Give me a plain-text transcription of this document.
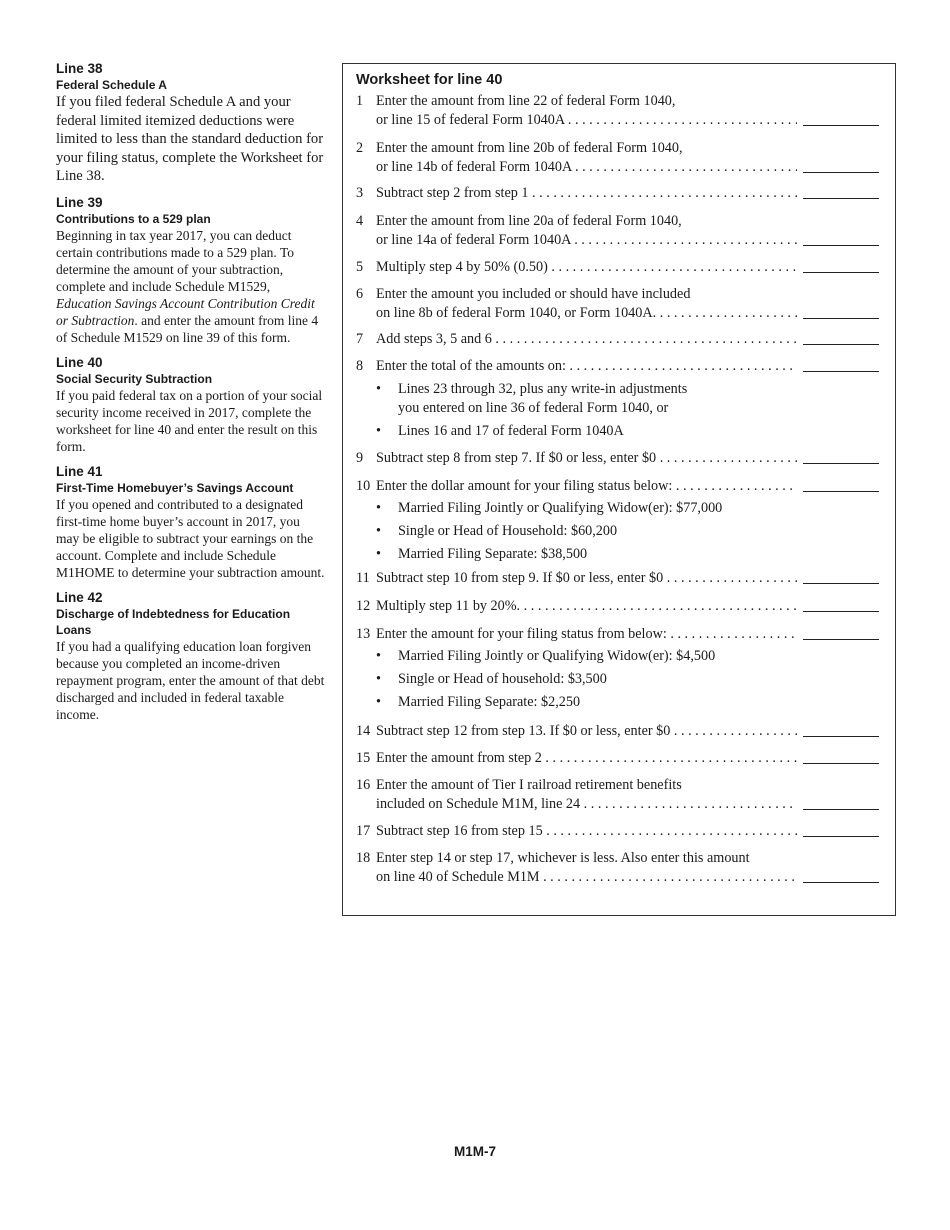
Line 38
Federal Schedule A
If you filed federal Schedule A and your federal limited itemized deductions were limited to less than the standard deduction for your filing status, complete the Worksheet for Line 38.
Line 39
Contributions to a 529 plan
Beginning in tax year 2017, you can deduct certain contributions made to a 529 plan. To determine the amount of your subtraction, complete and include Schedule M1529, Education Savings Account Contribution Credit or Subtraction. and enter the amount from line 4 of Schedule M1529 on line 39 of this form.
Line 40
Social Security Subtraction
If you paid federal tax on a portion of your social security income received in 2017, complete the worksheet for line 40 and enter the result on this form.
Line 41
First-Time Homebuyer’s Savings Account
If you opened and contributed to a designated first-time home buyer’s account in 2017, you may be eligible to subtract your earnings on the account. Complete and include Schedule M1HOME to determine your subtraction amount.
Line 42
Discharge of Indebtedness for Education Loans
If you had a qualifying education loan forgiven because you completed an income-driven repayment program, enter the amount of that debt discharged and included in federal taxable income.
Worksheet for line 40
1 Enter the amount from line 22 of federal Form 1040,
or line 15 of federal Form 1040A . . .
2 Enter the amount from line 20b of federal Form 1040,
or line 14b of federal Form 1040A . . .
3 Subtract step 2 from step 1 . . .
4 Enter the amount from line 20a of federal Form 1040,
or line 14a of federal Form 1040A . . .
5 Multiply step 4 by 50% (0.50) . . .
6 Enter the amount you included or should have included
on line 8b of federal Form 1040, or Form 1040A. . . .
7 Add steps 3, 5 and 6 . . .
8 Enter the total of the amounts on: . . .
9 Subtract step 8 from step 7. If $0 or less, enter $0 . . .
10 Enter the dollar amount for your filing status below: . . .
11 Subtract step 10 from step 9. If $0 or less, enter $0 . . .
12 Multiply step 11 by 20%. . . .
13 Enter the amount for your filing status from below: . . .
14 Subtract step 12 from step 13. If $0 or less, enter $0 . . .
15 Enter the amount from step 2 . . .
16 Enter the amount of Tier I railroad retirement benefits
included on Schedule M1M, line 24 . . .
17 Subtract step 16 from step 15 . . .
18 Enter step 14 or step 17, whichever is less. Also enter this amount
on line 40 of Schedule M1M . . .
• Lines 23 through 32, plus any write-in adjustments
you entered on line 36 of federal Form 1040, or
• Lines 16 and 17 of federal Form 1040A
• Married Filing Jointly or Qualifying Widow(er): $77,000
• Single or Head of Household: $60,200
• Married Filing Separate: $38,500
• Married Filing Jointly or Qualifying Widow(er): $4,500
• Single or Head of household: $3,500
• Married Filing Separate: $2,250
M1M-7
